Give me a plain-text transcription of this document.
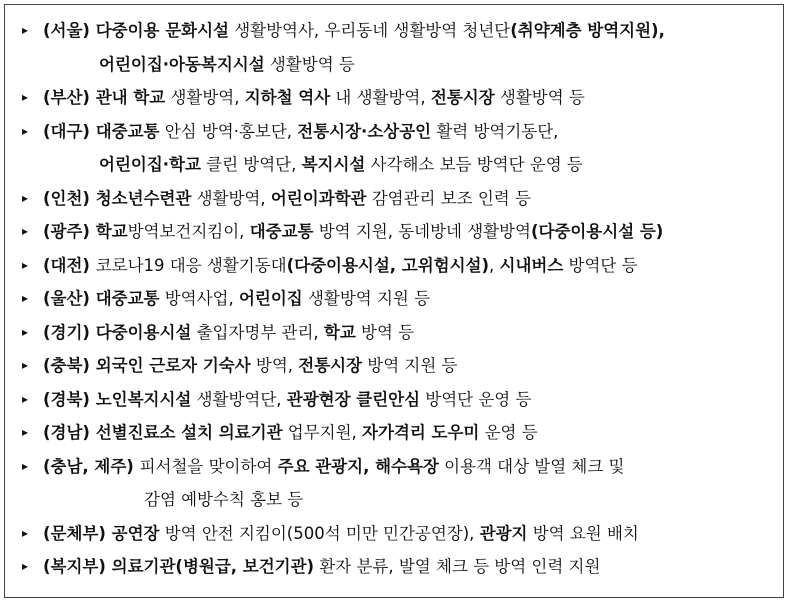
▸ (서울) 다중이용 문화시설 생활방역사, 우리동네 생활방역 청년단(취약계층 방역지원),
어린이집·아동복지시설 생활방역 등
▸ (부산) 관내 학교 생활방역, 지하철 역사 내 생활방역, 전통시장 생활방역 등
▸ (대구) 대중교통 안심 방역·홍보단, 전통시장·소상공인 활력 방역기동단,
어린이집·학교 클린 방역단, 복지시설 사각해소 보듬 방역단 운영 등
▸ (인천) 청소년수련관 생활방역, 어린이과학관 감염관리 보조 인력 등
▸ (광주) 학교방역보건지킴이, 대중교통 방역 지원, 동네방네 생활방역(다중이용시설 등)
▸ (대전) 코로나19 대응 생활기동대(다중이용시설, 고위험시설), 시내버스 방역단 등
▸ (울산) 대중교통 방역사업, 어린이집 생활방역 지원 등
▸ (경기) 다중이용시설 출입자명부 관리, 학교 방역 등
▸ (충북) 외국인 근로자 기숙사 방역, 전통시장 방역 지원 등
▸ (경북) 노인복지시설 생활방역단, 관광현장 클린안심 방역단 운영 등
▸ (경남) 선별진료소 설치 의료기관 업무지원, 자가격리 도우미 운영 등
▸ (충남, 제주) 피서철을 맞이하여 주요 관광지, 해수욕장 이용객 대상 발열 체크 및
감염 예방수칙 홍보 등
▸ (문체부) 공연장 방역 안전 지킴이(500석 미만 민간공연장), 관광지 방역 요원 배치
▸ (복지부) 의료기관(병원급, 보건기관) 환자 분류, 발열 체크 등 방역 인력 지원
